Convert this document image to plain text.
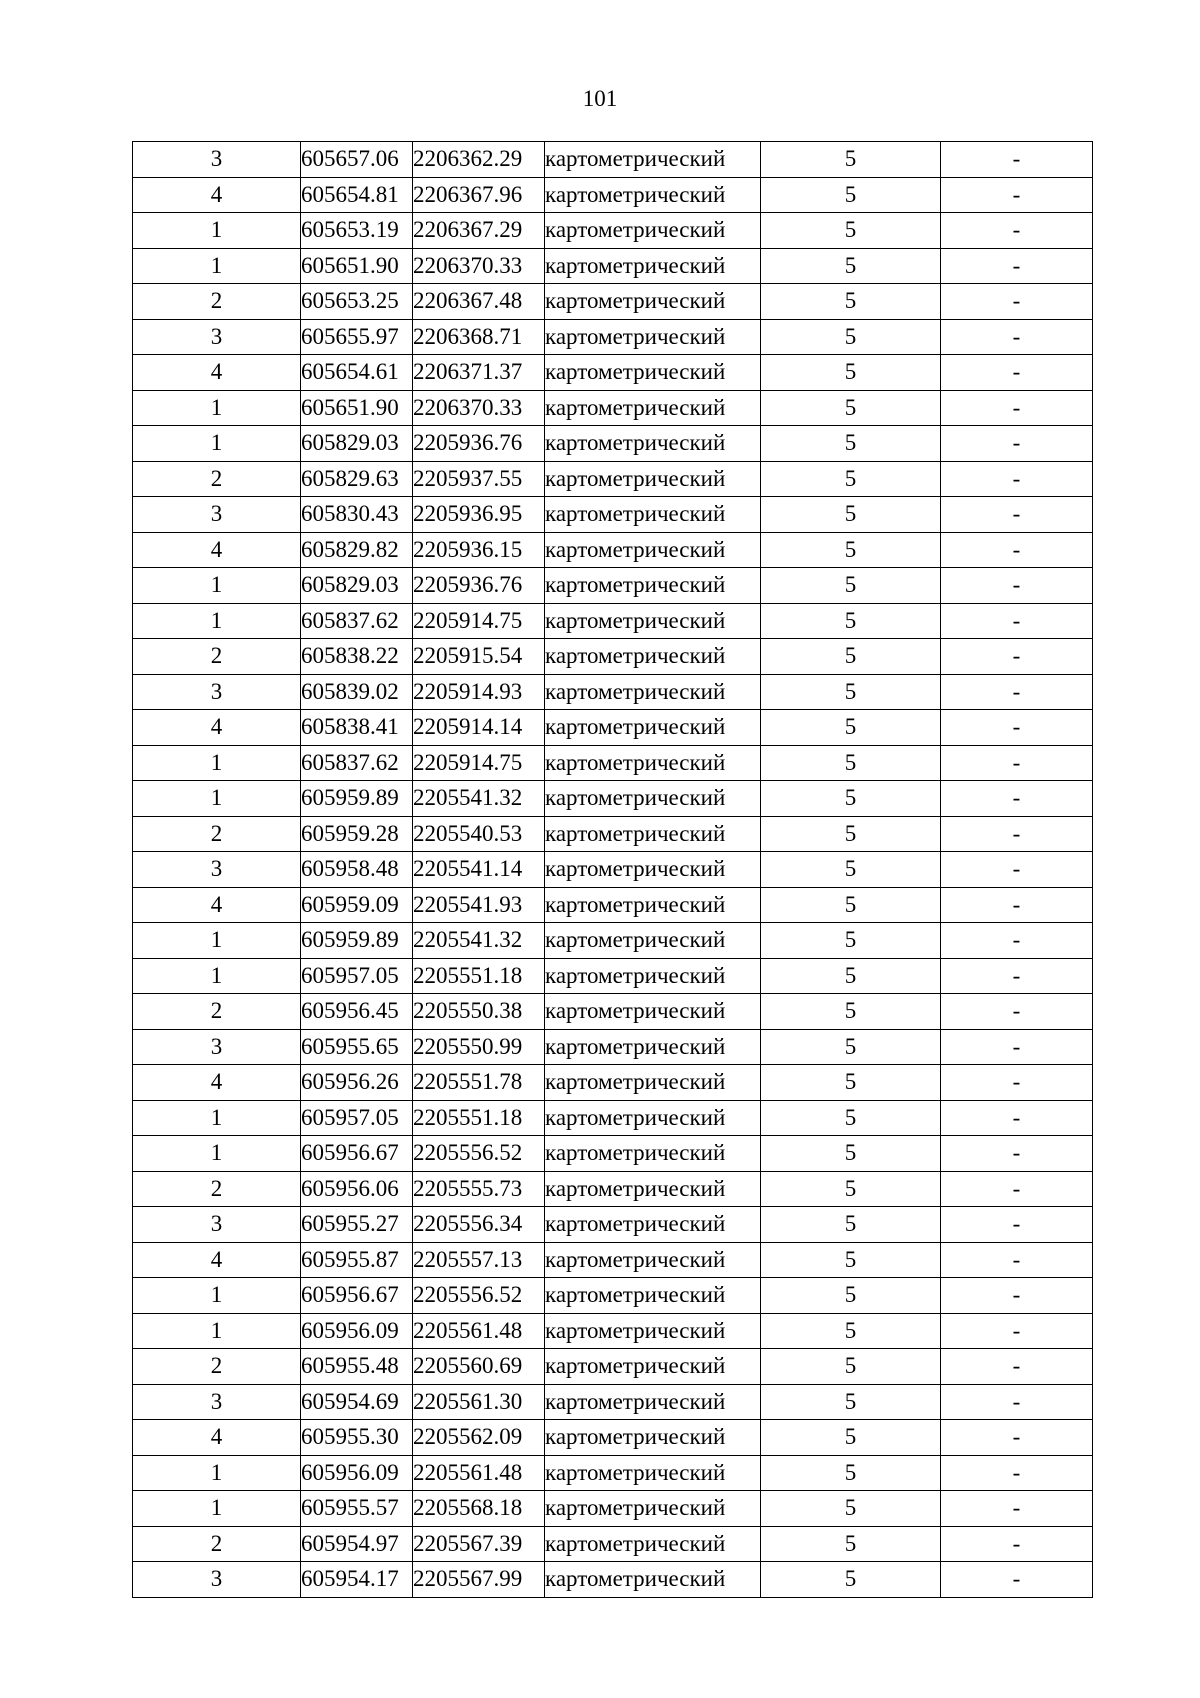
101
3	605657.06	2206362.29	картометрический	5	-
4	605654.81	2206367.96	картометрический	5	-
1	605653.19	2206367.29	картометрический	5	-
1	605651.90	2206370.33	картометрический	5	-
2	605653.25	2206367.48	картометрический	5	-
3	605655.97	2206368.71	картометрический	5	-
4	605654.61	2206371.37	картометрический	5	-
1	605651.90	2206370.33	картометрический	5	-
1	605829.03	2205936.76	картометрический	5	-
2	605829.63	2205937.55	картометрический	5	-
3	605830.43	2205936.95	картометрический	5	-
4	605829.82	2205936.15	картометрический	5	-
1	605829.03	2205936.76	картометрический	5	-
1	605837.62	2205914.75	картометрический	5	-
2	605838.22	2205915.54	картометрический	5	-
3	605839.02	2205914.93	картометрический	5	-
4	605838.41	2205914.14	картометрический	5	-
1	605837.62	2205914.75	картометрический	5	-
1	605959.89	2205541.32	картометрический	5	-
2	605959.28	2205540.53	картометрический	5	-
3	605958.48	2205541.14	картометрический	5	-
4	605959.09	2205541.93	картометрический	5	-
1	605959.89	2205541.32	картометрический	5	-
1	605957.05	2205551.18	картометрический	5	-
2	605956.45	2205550.38	картометрический	5	-
3	605955.65	2205550.99	картометрический	5	-
4	605956.26	2205551.78	картометрический	5	-
1	605957.05	2205551.18	картометрический	5	-
1	605956.67	2205556.52	картометрический	5	-
2	605956.06	2205555.73	картометрический	5	-
3	605955.27	2205556.34	картометрический	5	-
4	605955.87	2205557.13	картометрический	5	-
1	605956.67	2205556.52	картометрический	5	-
1	605956.09	2205561.48	картометрический	5	-
2	605955.48	2205560.69	картометрический	5	-
3	605954.69	2205561.30	картометрический	5	-
4	605955.30	2205562.09	картометрический	5	-
1	605956.09	2205561.48	картометрический	5	-
1	605955.57	2205568.18	картометрический	5	-
2	605954.97	2205567.39	картометрический	5	-
3	605954.17	2205567.99	картометрический	5	-
